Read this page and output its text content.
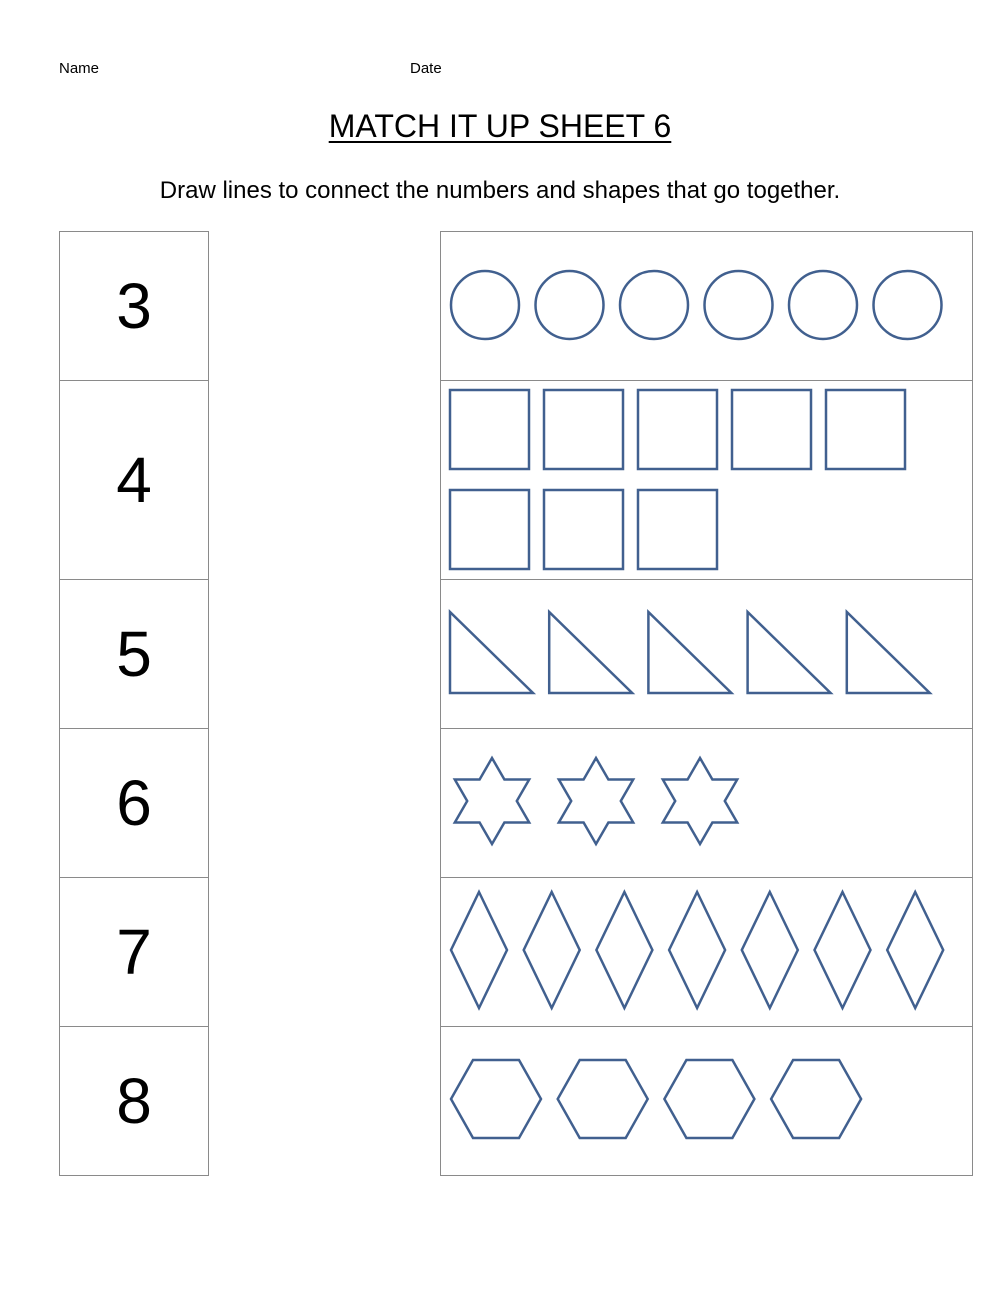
Name	Date
MATCH IT UP SHEET 6
Draw lines to connect the numbers and shapes that go together.
3
4
5
6
7
8
